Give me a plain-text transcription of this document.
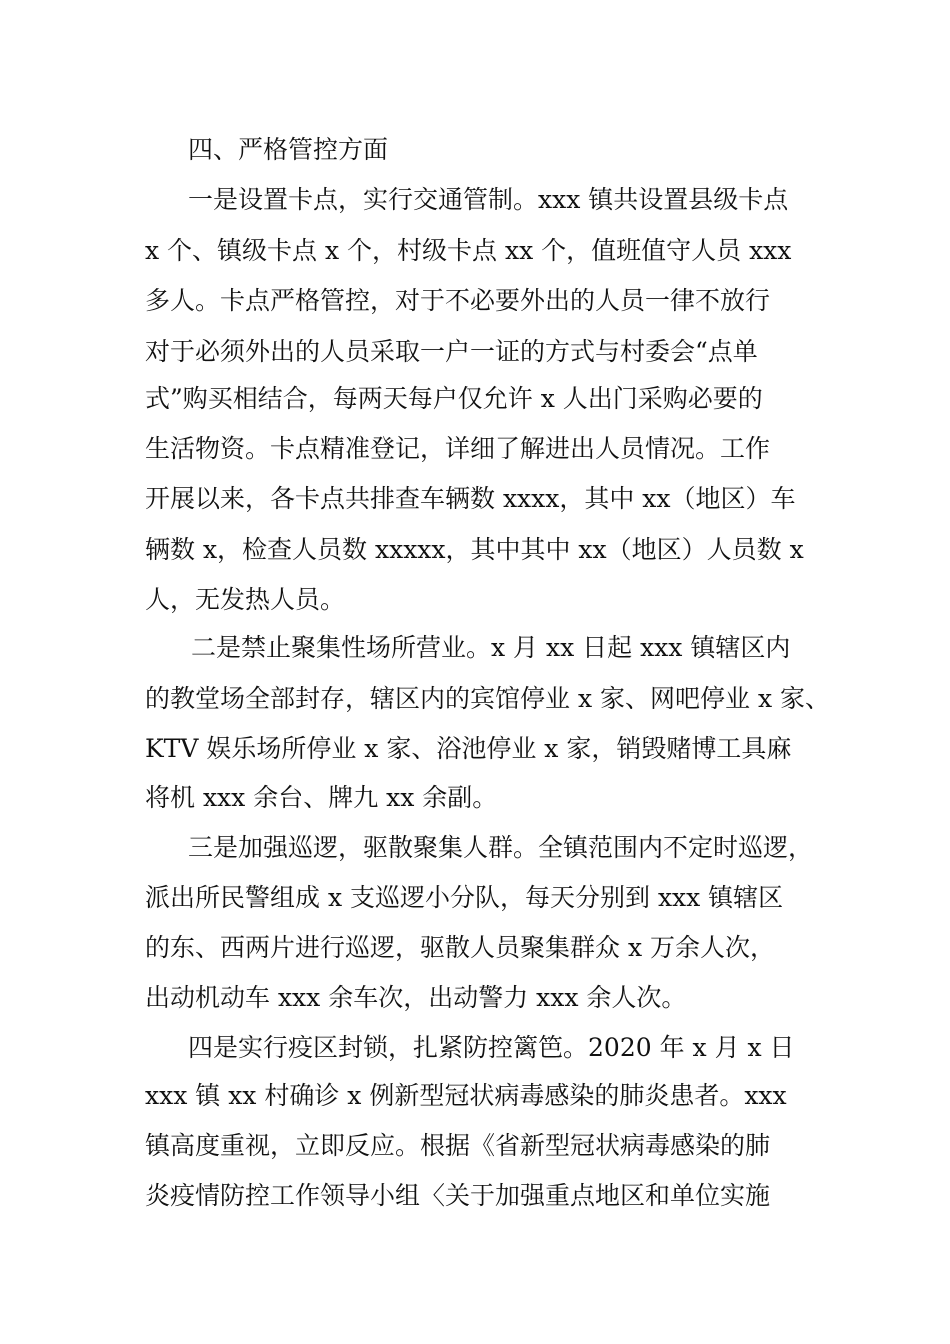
四、严格管控方面
一是设置卡点，实行交通管制。xxx 镇共设置县级卡点
x 个、镇级卡点 x 个，村级卡点 xx 个，值班值守人员 xxx
多人。卡点严格管控，对于不必要外出的人员一律不放行
对于必须外出的人员采取一户一证的方式与村委会“点单
式”购买相结合，每两天每户仅允许 x 人出门采购必要的
生活物资。卡点精准登记，详细了解进出人员情况。工作
开展以来，各卡点共排查车辆数 xxxx，其中 xx（地区）车
辆数 x，检查人员数 xxxxx，其中其中 xx（地区）人员数 x
人，无发热人员。
二是禁止聚集性场所营业。x 月 xx 日起 xxx 镇辖区内
的教堂场全部封存，辖区内的宾馆停业 x 家、网吧停业 x 家、
KTV 娱乐场所停业 x 家、浴池停业 x 家，销毁赌博工具麻
将机 xxx 余台、牌九 xx 余副。
三是加强巡逻，驱散聚集人群。全镇范围内不定时巡逻，
派出所民警组成 x 支巡逻小分队，每天分别到 xxx 镇辖区
的东、西两片进行巡逻，驱散人员聚集群众 x 万余人次，
出动机动车 xxx 余车次，出动警力 xxx 余人次。
四是实行疫区封锁，扎紧防控篱笆。2020 年 x 月 x 日
xxx 镇 xx 村确诊 x 例新型冠状病毒感染的肺炎患者。xxx
镇高度重视，立即反应。根据《省新型冠状病毒感染的肺
炎疫情防控工作领导小组〈关于加强重点地区和单位实施
